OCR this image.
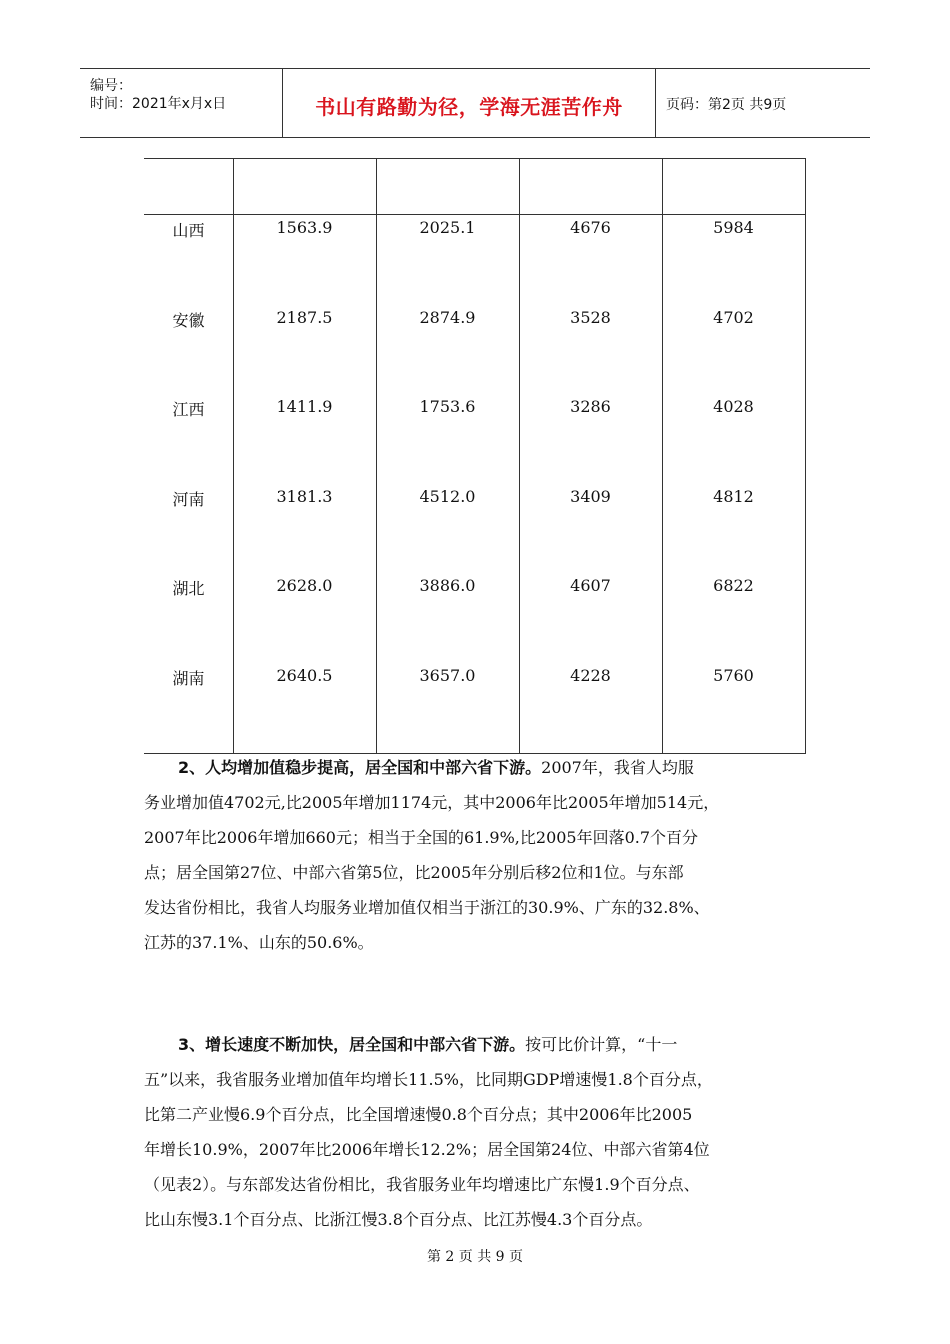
编号：
时间：2021年x月x日	书山有路勤为径，学海无涯苦作舟	页码：第2页 共9页
山西	1563.9	2025.1	4676	5984
安徽	2187.5	2874.9	3528	4702
江西	1411.9	1753.6	3286	4028
河南	3181.3	4512.0	3409	4812
湖北	2628.0	3886.0	4607	6822
湖南	2640.5	3657.0	4228	5760
2、人均增加值稳步提高，居全国和中部六省下游。2007年，我省人均服
务业增加值4702元,比2005年增加1174元，其中2006年比2005年增加514元，
2007年比2006年增加660元；相当于全国的61.9%,比2005年回落0.7个百分
点；居全国第27位、中部六省第5位，比2005年分别后移2位和1位。与东部
发达省份相比，我省人均服务业增加值仅相当于浙江的30.9%、广东的32.8%、
江苏的37.1%、山东的50.6%。
3、增长速度不断加快，居全国和中部六省下游。按可比价计算，“十一
五”以来，我省服务业增加值年均增长11.5%，比同期GDP增速慢1.8个百分点，
比第二产业慢6.9个百分点，比全国增速慢0.8个百分点；其中2006年比2005
年增长10.9%，2007年比2006年增长12.2%；居全国第24位、中部六省第4位
（见表2）。与东部发达省份相比，我省服务业年均增速比广东慢1.9个百分点、
比山东慢3.1个百分点、比浙江慢3.8个百分点、比江苏慢4.3个百分点。
第 2 页 共 9 页
